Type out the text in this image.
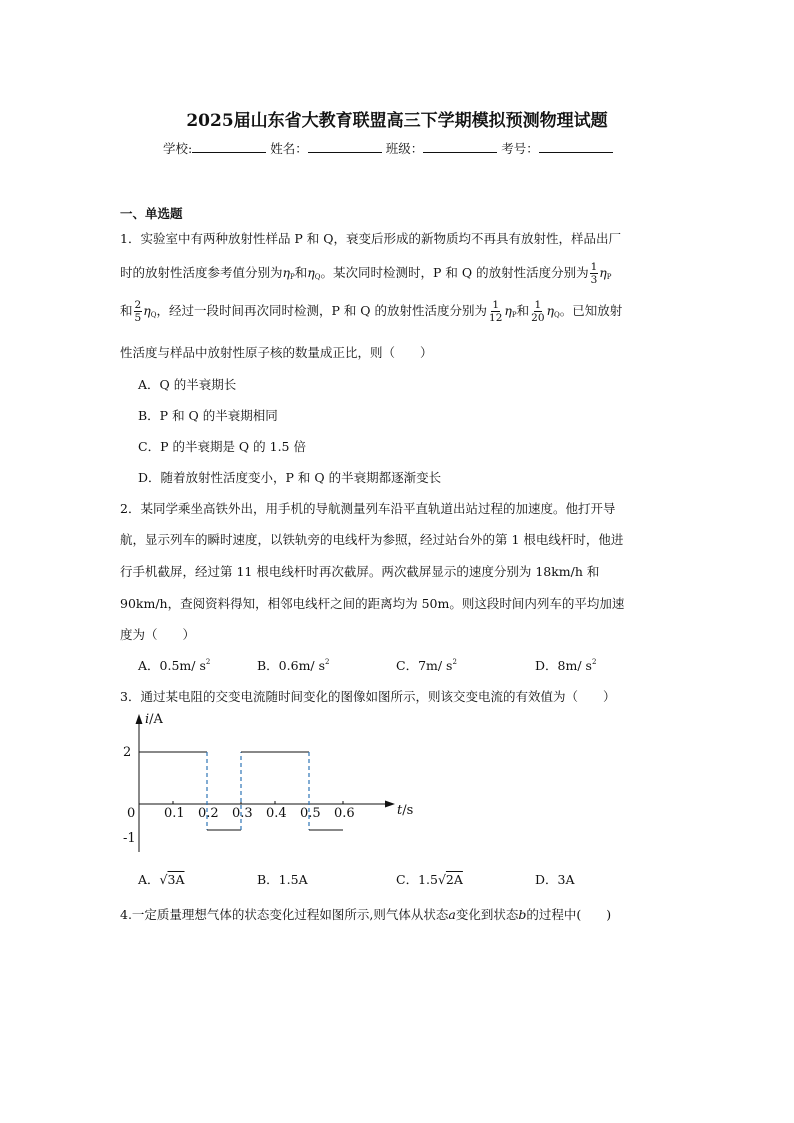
2025届山东省大教育联盟高三下学期模拟预测物理试题
学校:	姓名：	班级：	考号：
一、单选题
1．实验室中有两种放射性样品 P 和 Q，衰变后形成的新物质均不再具有放射性，样品出厂
时的放射性活度参考值分别为$\eta_P$和$\eta_Q$。某次同时检测时，P 和 Q 的放射性活度分别为 $\frac{1}{3} \eta_P$
和 $\frac{2}{5} \eta_Q$，经过一段时间再次同时检测，P 和 Q 的放射性活度分别为 $\frac{1}{12} \eta_P$和 $\frac{1}{20} \eta_Q$。已知放射
性活度与样品中放射性原子核的数量成正比，则（　　）
A．Q 的半衰期长
B．P 和 Q 的半衰期相同
C．P 的半衰期是 Q 的 1.5 倍
D．随着放射性活度变小，P 和 Q 的半衰期都逐渐变长
2．某同学乘坐高铁外出，用手机的导航测量列车沿平直轨道出站过程的加速度。他打开导
航，显示列车的瞬时速度，以铁轨旁的电线杆为参照，经过站台外的第 1 根电线杆时，他进
行手机截屏，经过第 11 根电线杆时再次截屏。两次截屏显示的速度分别为 18km/h 和
90km/h，查阅资料得知，相邻电线杆之间的距离均为 50m。则这段时间内列车的平均加速
度为（　　）
A．0.5m/ $s^2$	B．0.6m/ $s^2$	C．7m/ $s^2$	D．8m/ $s^2$
3．通过某电阻的交变电流随时间变化的图像如图所示，则该交变电流的有效值为（　　）
i/A
t/s
0 0.1 0.2 0.3 0.4 0.5 0.6
2
-1
A．√3A	B．1.5A	C．1.5√2A	D．3A
4.一定质量理想气体的状态变化过程如图所示,则气体从状态a变化到状态b的过程中(　　)
